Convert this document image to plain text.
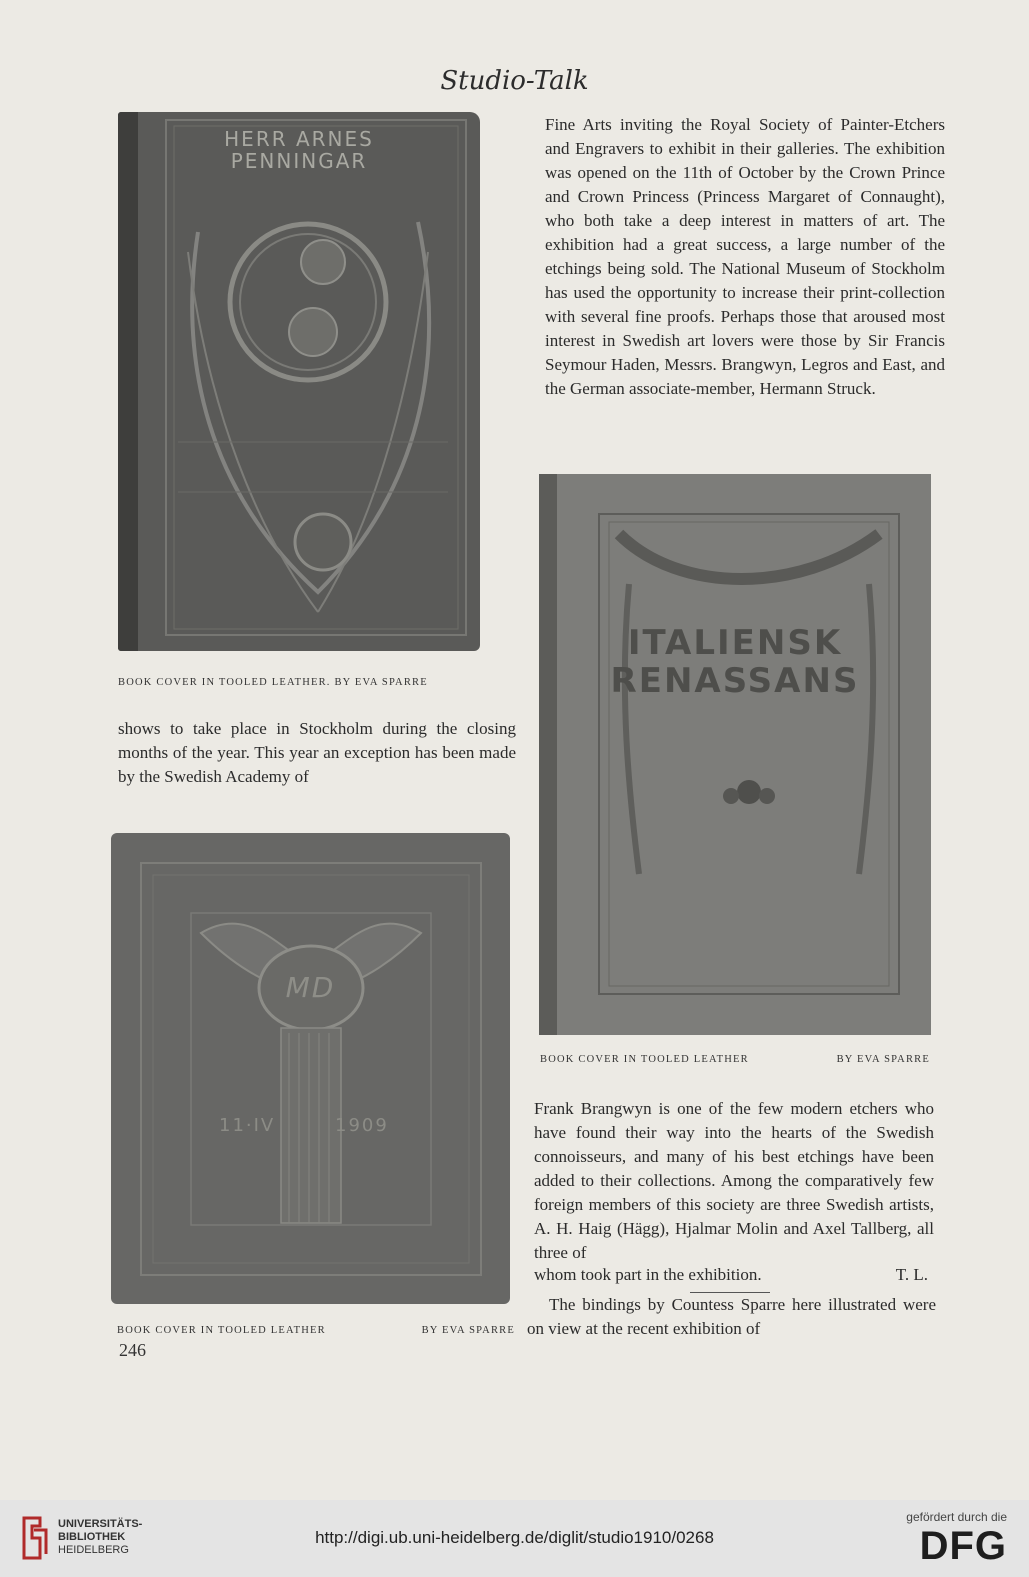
Studio-Talk
HERR ARNES
PENNINGAR
BOOK COVER IN TOOLED LEATHER. BY EVA SPARRE
Fine Arts inviting the Royal Society of Painter-Etchers and Engravers to exhibit in their galleries. The exhibition was opened on the 11th of October by the Crown Prince and Crown Princess (Princess Margaret of Connaught), who both take a deep interest in matters of art. The exhibition had a great success, a large number of the etchings being sold. The National Museum of Stockholm has used the opportunity to increase their print-collection with several fine proofs. Perhaps those that aroused most interest in Swedish art lovers were those by Sir Francis Seymour Haden, Messrs. Brangwyn, Legros and East, and the German associate-member, Hermann Struck.
shows to take place in Stockholm during the closing months of the year. This year an exception has been made by the Swedish Academy of
ITALIENSK
RENASSANS
BOOK COVER IN TOOLED LEATHER	BY EVA SPARRE
Frank Brangwyn is one of the few modern etchers who have found their way into the hearts of the Swedish connoisseurs, and many of his best etchings have been added to their collections. Among the comparatively few foreign members of this society are three Swedish artists, A. H. Haig (Hägg), Hjalmar Molin and Axel Tallberg, all three of
whom took part in the exhibition.	T. L.
The bindings by Countess Sparre here illustrated were on view at the recent exhibition of
MD
11·IV	1909
BOOK COVER IN TOOLED LEATHER	BY EVA SPARRE
246
UNIVERSITÄTS-
BIBLIOTHEK
HEIDELBERG
http://digi.ub.uni-heidelberg.de/diglit/studio1910/0268
gefördert durch die
DFG
